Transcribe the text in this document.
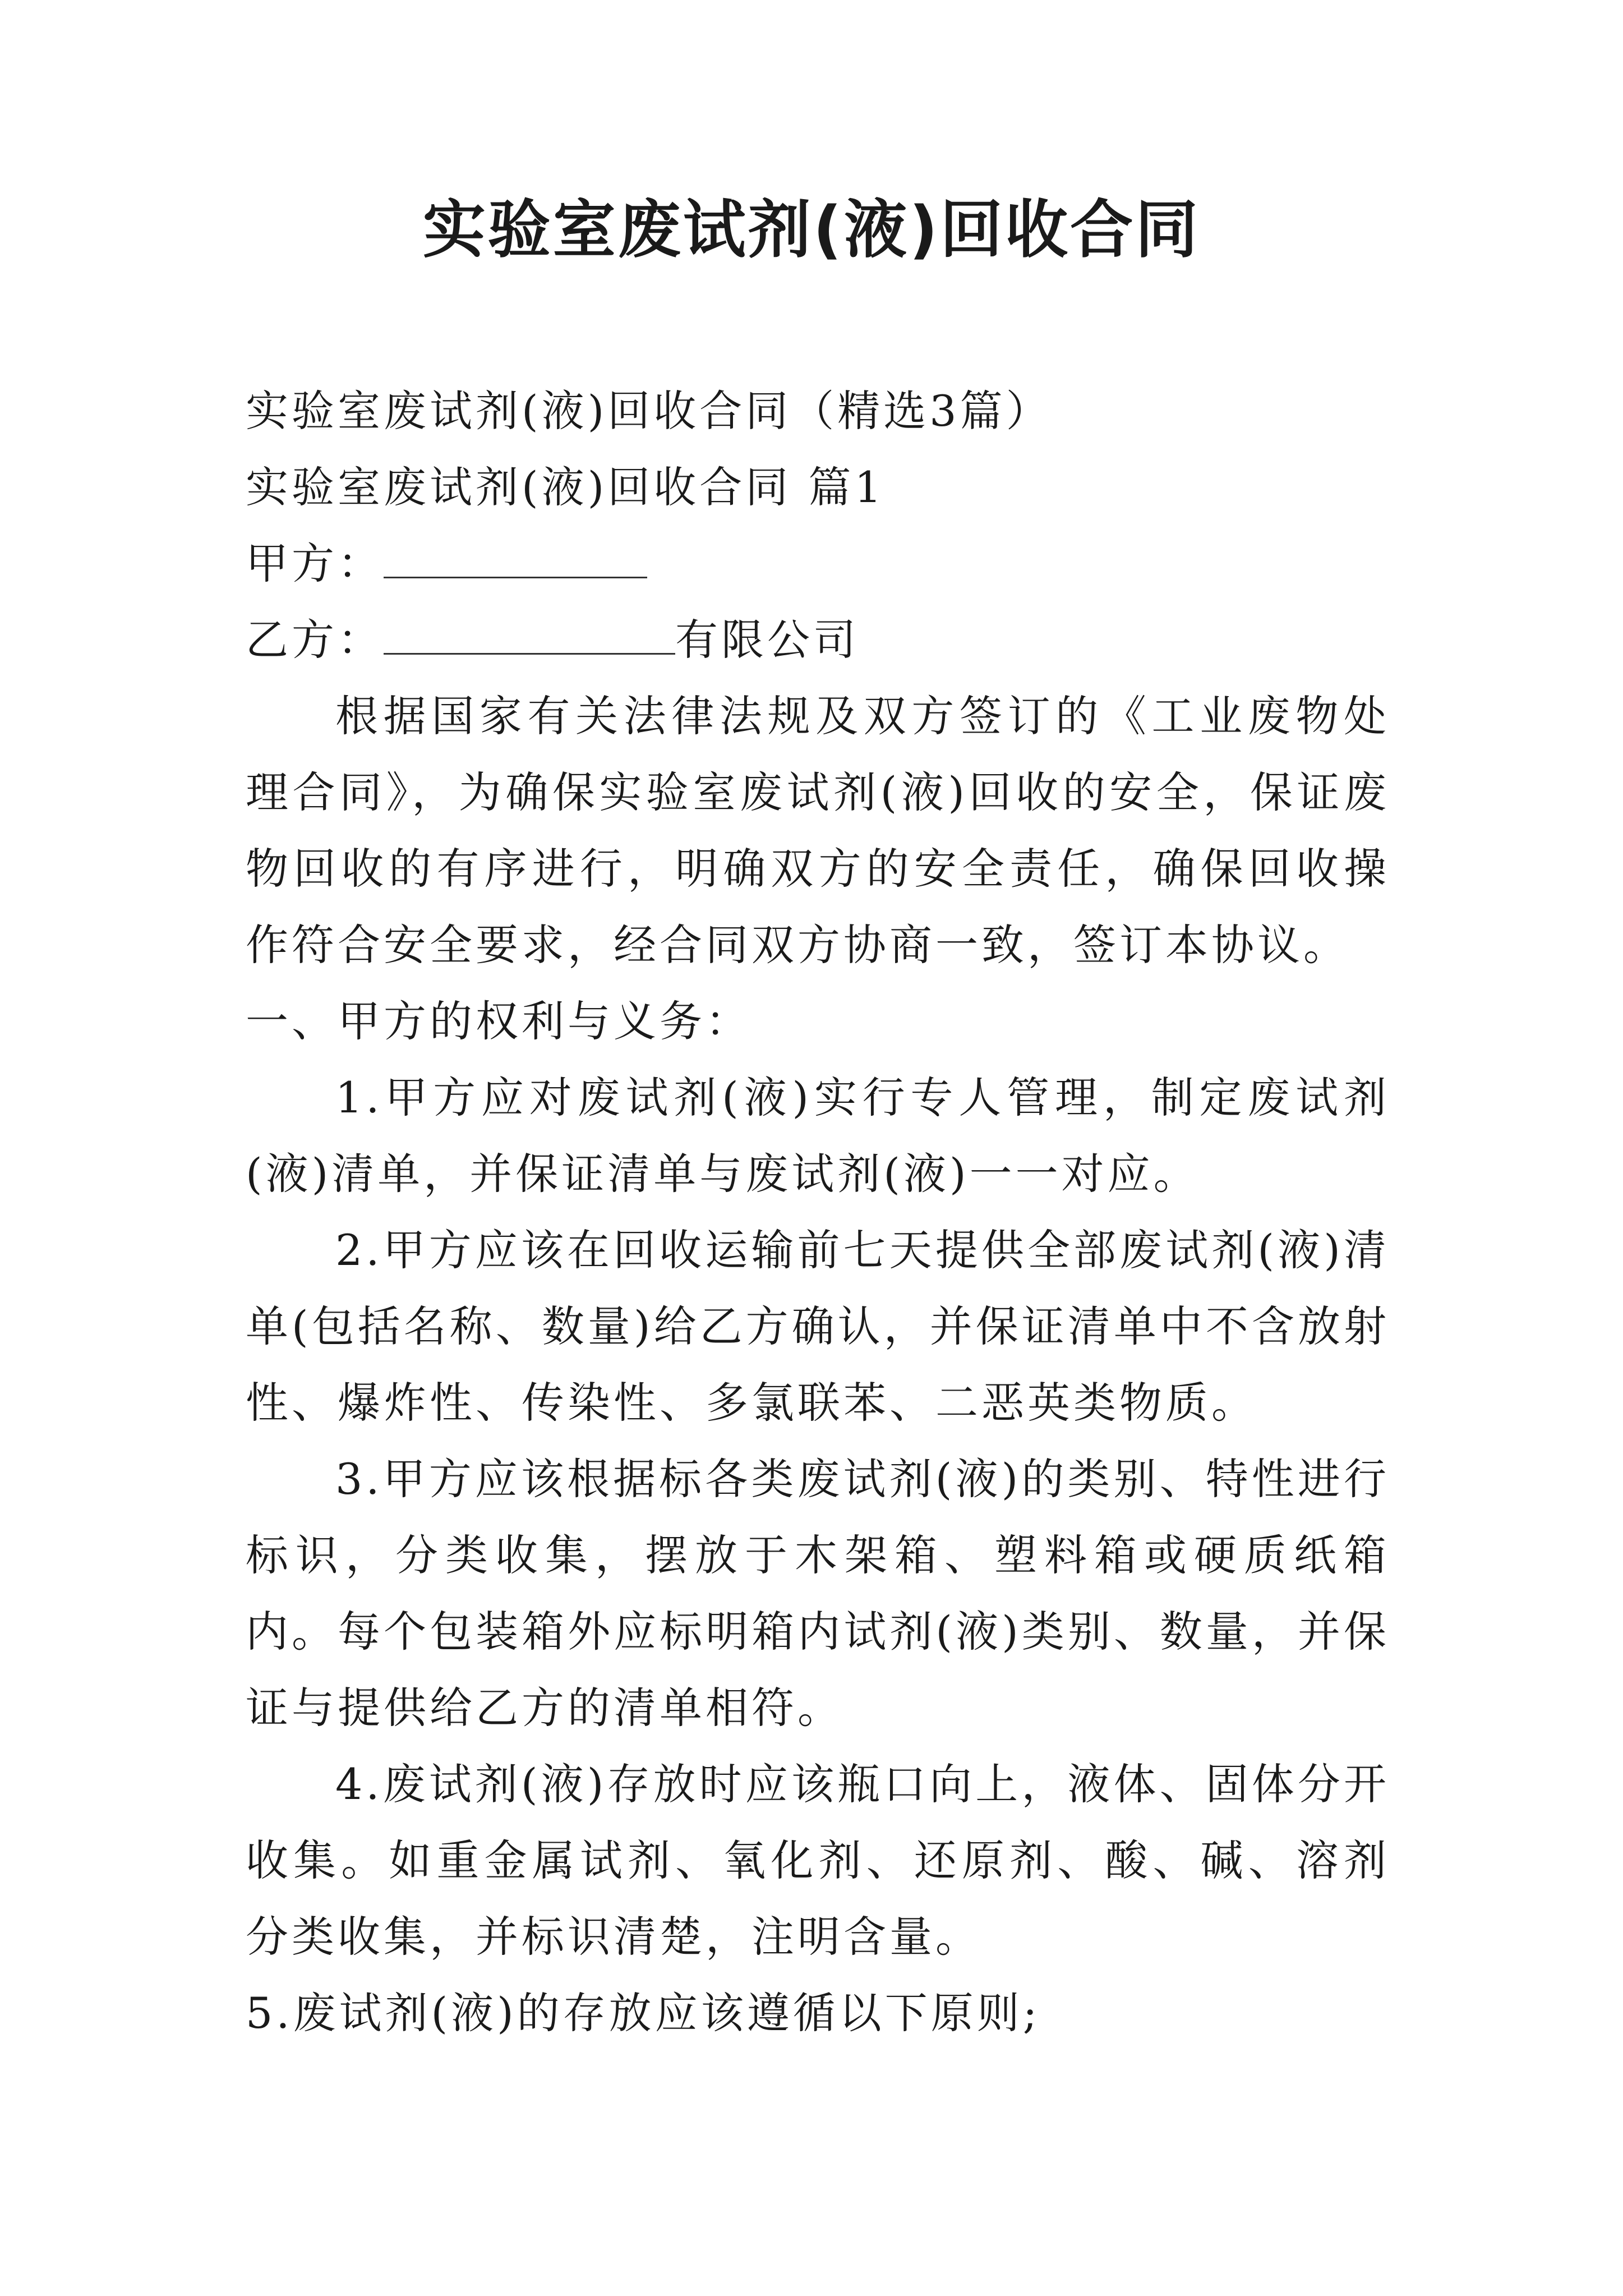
实验室废试剂(液)回收合同

实验室废试剂(液)回收合同（精选3篇）

实验室废试剂(液)回收合同 篇1

甲方：

乙方：	有限公司

根据国家有关法律法规及双方签订的《工业废物处理合同》，为确保实验室废试剂(液)回收的安全，保证废物回收的有序进行，明确双方的安全责任，确保回收操作符合安全要求，经合同双方协商一致，签订本协议。

一、甲方的权利与义务：

1.甲方应对废试剂(液)实行专人管理，制定废试剂(液)清单，并保证清单与废试剂(液)一一对应。

2.甲方应该在回收运输前七天提供全部废试剂(液)清单(包括名称、数量)给乙方确认，并保证清单中不含放射性、爆炸性、传染性、多氯联苯、二恶英类物质。

3.甲方应该根据标各类废试剂(液)的类别、特性进行标识，分类收集，摆放于木架箱、塑料箱或硬质纸箱内。每个包装箱外应标明箱内试剂(液)类别、数量，并保证与提供给乙方的清单相符。

4.废试剂(液)存放时应该瓶口向上，液体、固体分开收集。如重金属试剂、氧化剂、还原剂、酸、碱、溶剂分类收集，并标识清楚，注明含量。

5.废试剂(液)的存放应该遵循以下原则;
